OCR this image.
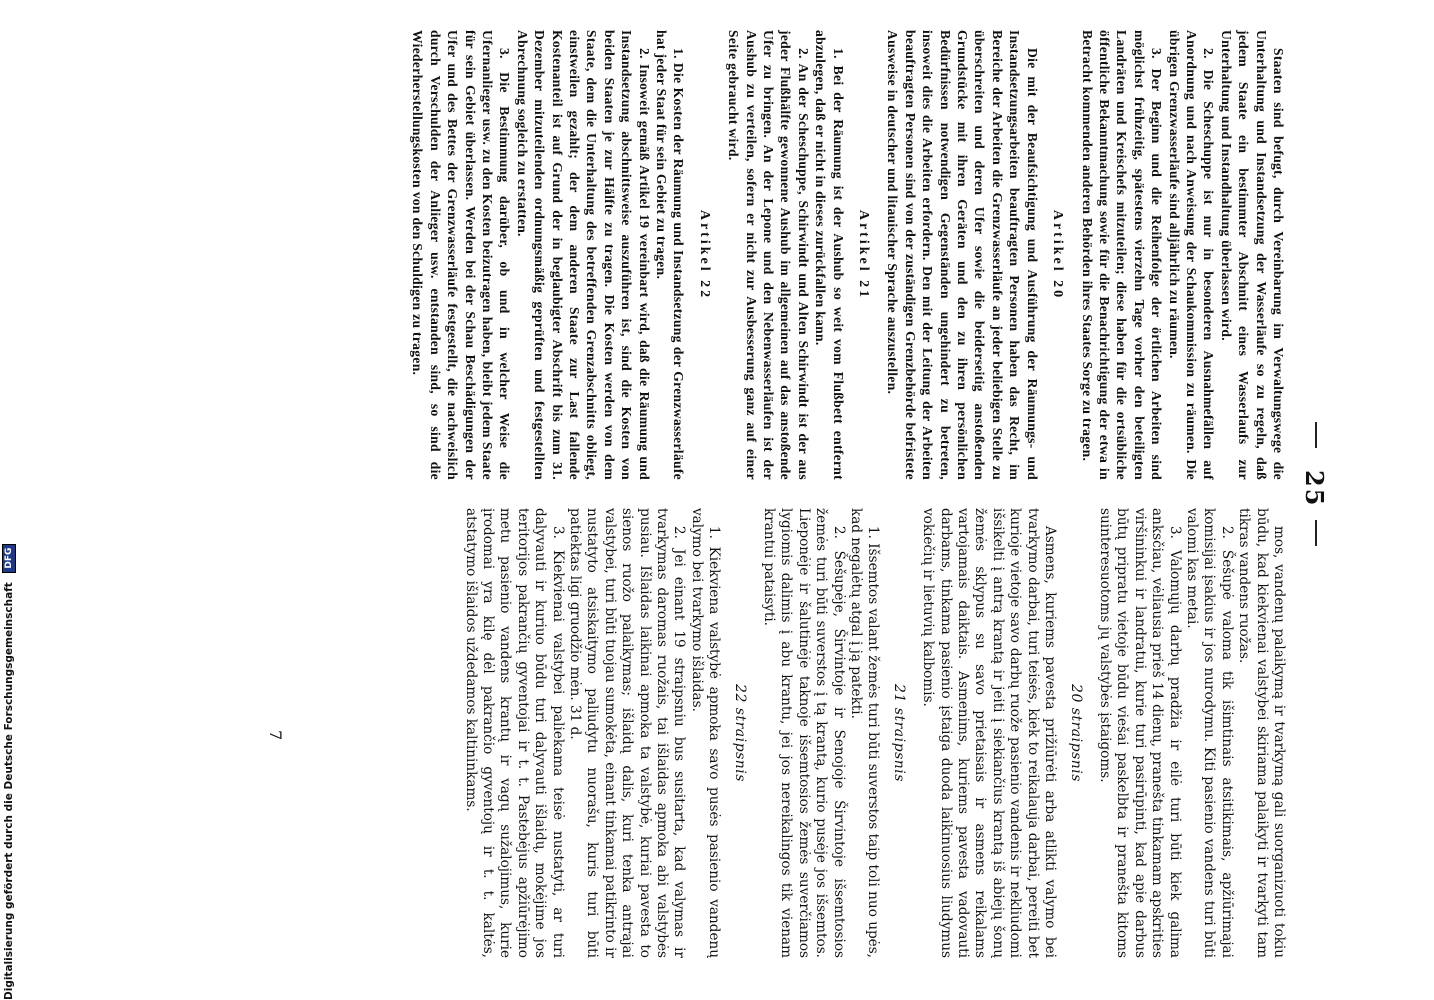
25

Staaten sind befugt, durch Vereinbarung im Verwaltungswege die Unterhaltung und Instandsetzung der Wasserläufe so zu regeln, daß jedem Staate ein bestimmter Abschnitt eines Wasserlaufs zur Unterhaltung und Instandhaltung überlassen wird.

2. Die Scheschuppe ist nur in besonderen Ausnahmefällen auf Anordnung und nach Anweisung der Schaukommission zu räumen. Die übrigen Grenzwasserläufe sind alljährlich zu räumen.

3. Der Beginn und die Reihenfolge der örtlichen Arbeiten sind möglichst frühzeitig, spätestens vierzehn Tage vorher den beteiligten Landräten und Kreischefs mitzuteilen; diese haben für die ortsübliche öffentliche Bekanntmachung sowie für die Benachrichtigung der etwa in Betracht kommenden anderen Behörden ihres Staates Sorge zu tragen.

Artikel 20

Die mit der Beaufsichtigung und Ausführung der Räumungs- und Instandsetzungsarbeiten beauftragten Personen haben das Recht, im Bereiche der Arbeiten die Grenzwasserläufe an jeder beliebigen Stelle zu überschreiten und deren Ufer sowie die beiderseitig anstoßenden Grundstücke mit ihren Geräten und den zu ihren persönlichen Bedürfnissen notwendigen Gegenständen ungehindert zu betreten, insoweit dies die Arbeiten erfordern. Den mit der Leitung der Arbeiten beauftragten Personen sind von der zuständigen Grenzbehörde befristete Ausweise in deutscher und litauischer Sprache auszustellen.

Artikel 21

1. Bei der Räumung ist der Aushub so weit vom Flußbett entfernt abzulegen, daß er nicht in dieses zurückfallen kann.

2. An der Scheschuppe, Schirwindt und Alten Schirwindt ist der aus jeder Flußhälfte gewonnene Aushub im allgemeinen auf das anstoßende Ufer zu bringen. An der Lepone und den Nebenwasserläufen ist der Aushub zu verteilen, sofern er nicht zur Ausbesserung ganz auf einer Seite gebraucht wird.

Artikel 22

1. Die Kosten der Räumung und Instandsetzung der Grenzwasserläufe hat jeder Staat für sein Gebiet zu tragen.

2. Insoweit gemäß Artikel 19 vereinbart wird, daß die Räumung und Instandsetzung abschnittsweise auszuführen ist, sind die Kosten von beiden Staaten je zur Hälfte zu tragen. Die Kosten werden von dem Staate, dem die Unterhaltung des betreffenden Grenzabschnitts obliegt, einstweilen gezahlt; der dem anderen Staate zur Last fallende Kostenanteil ist auf Grund der in beglaubigter Abschrift bis zum 31. Dezember mitzuteilenden ordnungsmäßig geprüften und festgestellten Abrechnung sogleich zu erstatten.

3. Die Bestimmung darüber, ob und in welcher Weise die Ufernanlieger usw. zu den Kosten beizutragen haben, bleibt jedem Staate für sein Gebiet überlassen. Werden bei der Schau Beschädigungen der Ufer und des Bettes der Grenzwasserläufe festgestellt, die nachweislich durch Verschulden der Anlieger usw. entstanden sind, so sind die Wiederherstellungskosten von den Schuldigen zu tragen.

mos, vandenų palaikymą ir tvarkymą gali suorganizuoti tokiu būdu, kad kiekvienai valstybei skiriama palaikyti ir tvarkyti tam tikras vandens ruožas.

2. Šešupė valoma tik išimtinais atsitikimais, apžiūrimajai komisijai įsakius ir jos nurodymu. Kiti pasienio vandens turi būti valomi kas metai.

3. Valomųjų darbų pradžia ir eilė turi būti kiek galima anksčiau, vėliausia prieš 14 dienų, pranešta tinkamam apskrities viršininkui ir landratui, kurie turi pasirūpinti, kad apie darbus būtų pripratu vietoje būdu viešai paskelbta ir pranešta kitoms suinteresuotoms jų valstybės įstaigoms.

20 straipsnis

Asmens, kuriems pavesta prižiūrėti arba atlikti valymo bei tvarkymo darbai, turi teisės, kiek to reikalauja darbai, pereiti bet kurioje vietoje savo darbų ruože pasienio vandenis ir nekliudomi išsikelti į antrą krantą ir jeiti į siekiančius krantą iš abiejų šonų žemės sklypus su savo prietaisais ir asmens reikalams vartojamais daiktais. Asmenims, kuriems pavesta vadovauti darbams, tinkama pasienio įstaiga duoda laikinuosius liudymus vokiečių ir lietuvių kalbomis.

21 straipsnis

1. Išsemtos valant žemės turi būti suverstos taip toli nuo upės, kad negalėtų atgal į ją patekti.

2. Šešupėje, Širvintoje ir Senojoje Širvintoje išsemtosios žemės turi būti suverstos į tą krantą, kurio pusėje jos išsemtos. Lieponėje ir šalutinėje taknoje išsemtosios žemės suverčiamos lygiomis dalimis į abu krantu, jei jos nereikalingos tik vienam krantui pataisyti.

22 straipsnis

1. Kiekviena valstybė apmoka savo pusės pasienio vandenų valymo bei tvarkymo išlaidas.

2. Jei einant 19 straipsniu bus susitarta, kad valymas ir tvarkymas daromas ruožais, tai išlaidas apmoka abi valstybės pusiau. Išlaidas laikinai apmoka ta valstybė, kuriai pavesta to sienos ruožo palaikymas; išlaidų dalis, kuri tenka antrajai valstybei, turi būti tuojau sumokėta, einant tinkamai patikrinto ir nustatyto atsiskaitymo paliudytu nuorašu, kuris turi būti patiektas ligi gruodžio mėn. 31 d.

3. Kiekvienai valstybei paliekama teisė nustatyti, ar turi dalyvauti ir kuriuo būdu turi dalyvauti išlaidų, mokėjime jos teritorijos pakrančių gyventojai ir t. t. Pastebėjus apžiūrėjimo metu pasienio vandens krantų ir vagų sužalojimus, kurie įrodomai yra kilę dėl pakrančio gyventojų ir t. t. kaltės, atstatymo išlaidos uždedamos kaltininkams.

7
Digitalisierung gefördert durch die Deutsche Forschungsgemeinschaft DFG
